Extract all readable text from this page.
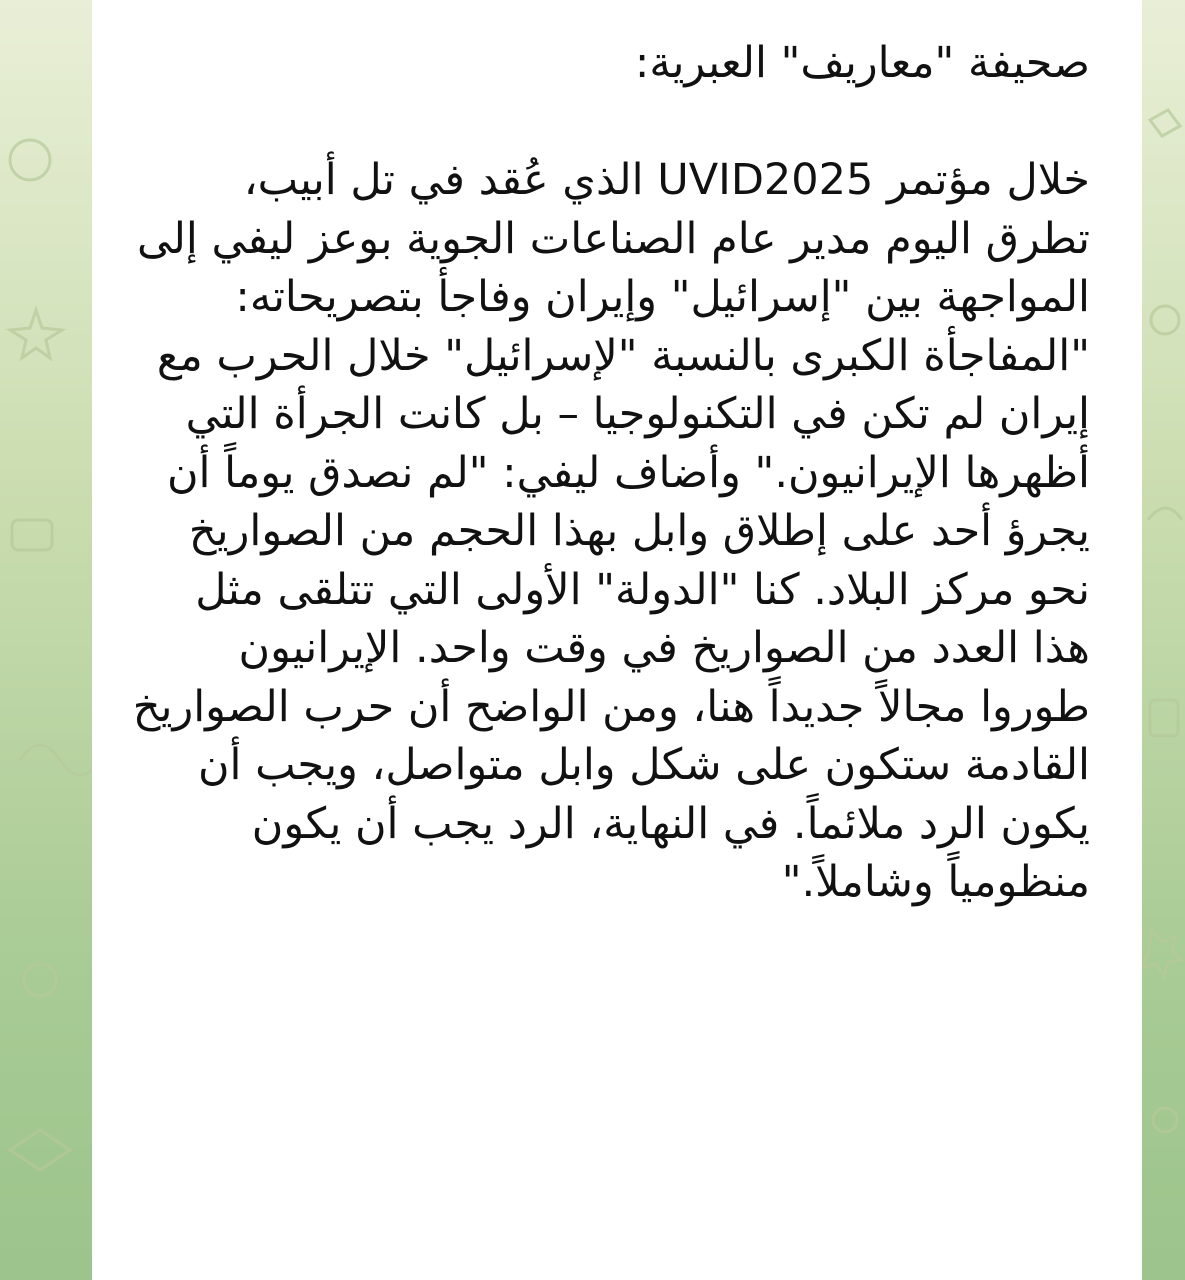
صحيفة "معاريف" العبرية:

خلال مؤتمر UVID2025 الذي عُقد في تل أبيب، تطرق اليوم مدير عام الصناعات الجوية بوعز ليفي إلى المواجهة بين "إسرائيل" وإيران وفاجأ بتصريحاته:
"المفاجأة الكبرى بالنسبة "لإسرائيل" خلال الحرب مع إيران لم تكن في التكنولوجيا – بل كانت الجرأة التي أظهرها الإيرانيون." وأضاف ليفي: "لم نصدق يوماً أن يجرؤ أحد على إطلاق وابل بهذا الحجم من الصواريخ نحو مركز البلاد. كنا "الدولة" الأولى التي تتلقى مثل هذا العدد من الصواريخ في وقت واحد. الإيرانيون طوروا مجالاً جديداً هنا، ومن الواضح أن حرب الصواريخ القادمة ستكون على شكل وابل متواصل، ويجب أن يكون الرد ملائماً. في النهاية، الرد يجب أن يكون منظومياً وشاملاً."
